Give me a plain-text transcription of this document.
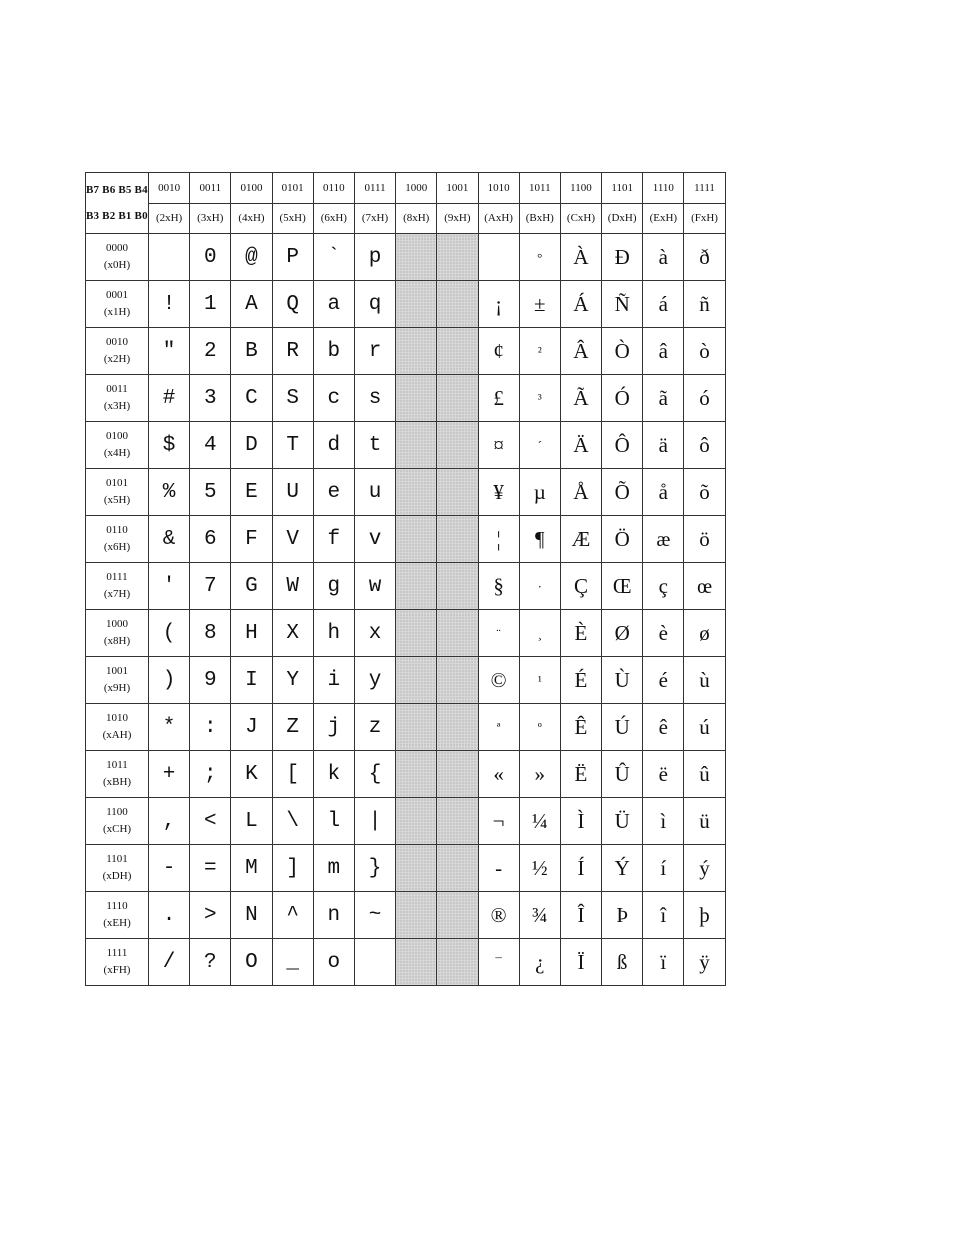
B7 B6 B5 B4
B3 B2 B1 B0	0010	0011	0100	0101	0110	0111	1000	1001	1010	1011	1100	1101	1110	1111
	(2xH)	(3xH)	(4xH)	(5xH)	(6xH)	(7xH)	(8xH)	(9xH)	(AxH)	(BxH)	(CxH)	(DxH)	(ExH)	(FxH)

0000
(x0H)		0	@	P	`	p				°	À	Đ	à	ð

0001
(x1H)	!	1	A	Q	a	q			¡	±	Á	Ñ	á	ñ

0010
(x2H)	"	2	B	R	b	r			¢	²	Â	Ò	â	ò

0011
(x3H)	#	3	C	S	c	s			£	³	Ã	Ó	ã	ó

0100
(x4H)	$	4	D	T	d	t			¤	´	Ä	Ô	ä	ô

0101
(x5H)	%	5	E	U	e	u			¥	µ	Å	Õ	å	õ

0110
(x6H)	&	6	F	V	f	v			¦	¶	Æ	Ö	æ	ö

0111
(x7H)	'	7	G	W	g	w			§	·	Ç	Œ	ç	œ

1000
(x8H)	(	8	H	X	h	x			¨	¸	È	Ø	è	ø

1001
(x9H)	)	9	I	Y	i	y			©	¹	É	Ù	é	ù

1010
(xAH)	*	:	J	Z	j	z			ª	º	Ê	Ú	ê	ú

1011
(xBH)	+	;	K	[	k	{			«	»	Ë	Û	ë	û

1100
(xCH)	,	<	L	\	l	|			¬	¼	Ì	Ü	ì	ü

1101
(xDH)	-	=	M	]	m	}			-	½	Í	Ý	í	ý

1110
(xEH)	.	>	N	^	n	~			®	¾	Î	Þ	î	þ

1111
(xFH)	/	?	O	_	o				¯	¿	Ï	ß	ï	ÿ
